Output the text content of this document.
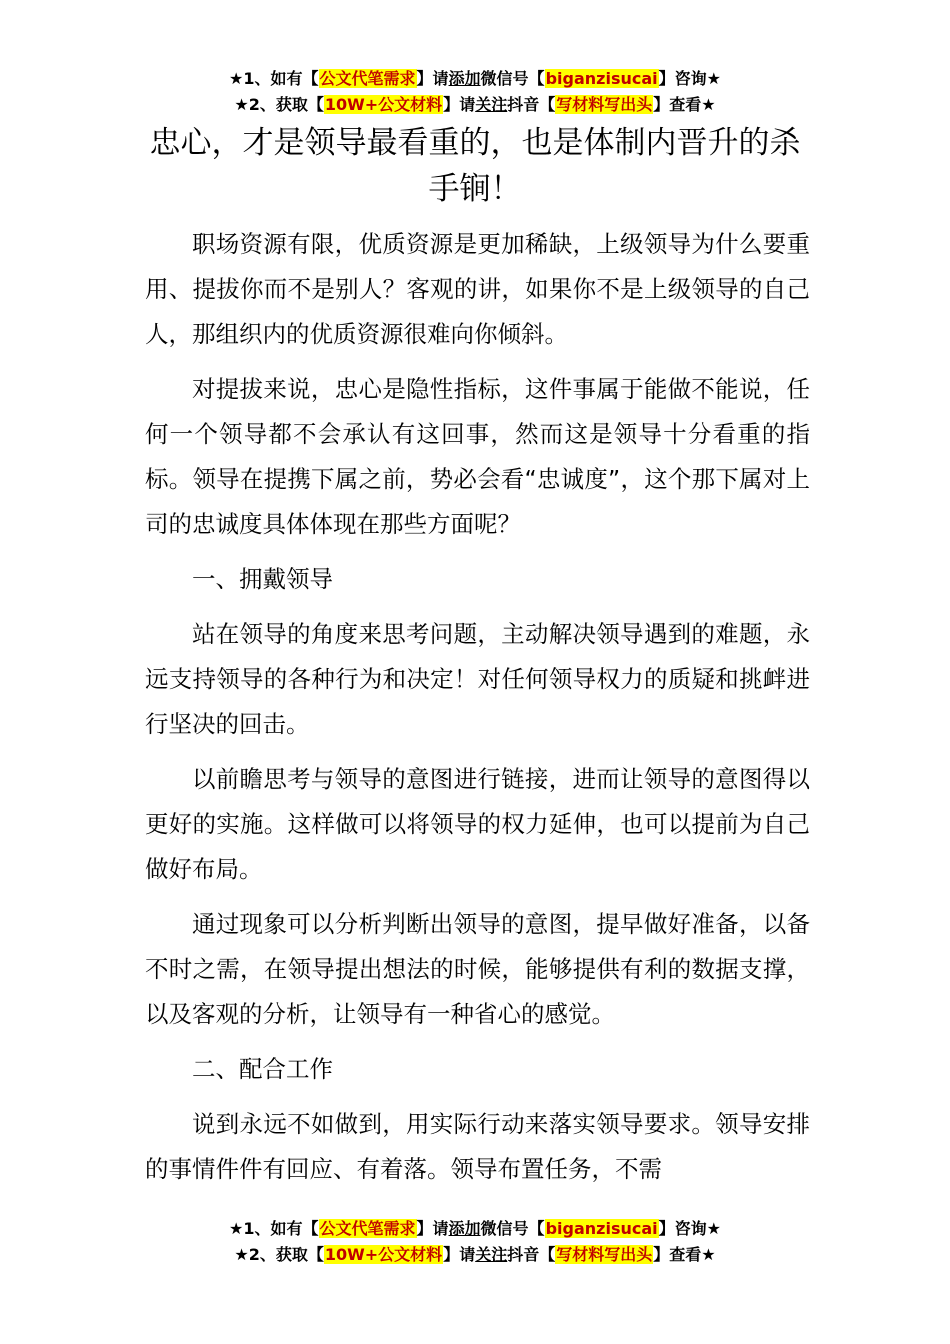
★1、如有【公文代笔需求】请添加微信号【biganzisucai】咨询★
★2、获取【10W+公文材料】请关注抖音【写材料写出头】查看★
忠心，才是领导最看重的，也是体制内晋升的杀手锏！

职场资源有限，优质资源是更加稀缺，上级领导为什么要重用、提拔你而不是别人？客观的讲，如果你不是上级领导的自己人，那组织内的优质资源很难向你倾斜。

对提拔来说，忠心是隐性指标，这件事属于能做不能说，任何一个领导都不会承认有这回事，然而这是领导十分看重的指标。领导在提携下属之前，势必会看“忠诚度”，这个那下属对上司的忠诚度具体体现在那些方面呢？

一、拥戴领导

站在领导的角度来思考问题，主动解决领导遇到的难题，永远支持领导的各种行为和决定！对任何领导权力的质疑和挑衅进行坚决的回击。

以前瞻思考与领导的意图进行链接，进而让领导的意图得以更好的实施。这样做可以将领导的权力延伸，也可以提前为自己做好布局。

通过现象可以分析判断出领导的意图，提早做好准备，以备不时之需，在领导提出想法的时候，能够提供有利的数据支撑，以及客观的分析，让领导有一种省心的感觉。

二、配合工作

说到永远不如做到，用实际行动来落实领导要求。领导安排的事情件件有回应、有着落。领导布置任务，不需

★1、如有【公文代笔需求】请添加微信号【biganzisucai】咨询★
★2、获取【10W+公文材料】请关注抖音【写材料写出头】查看★
